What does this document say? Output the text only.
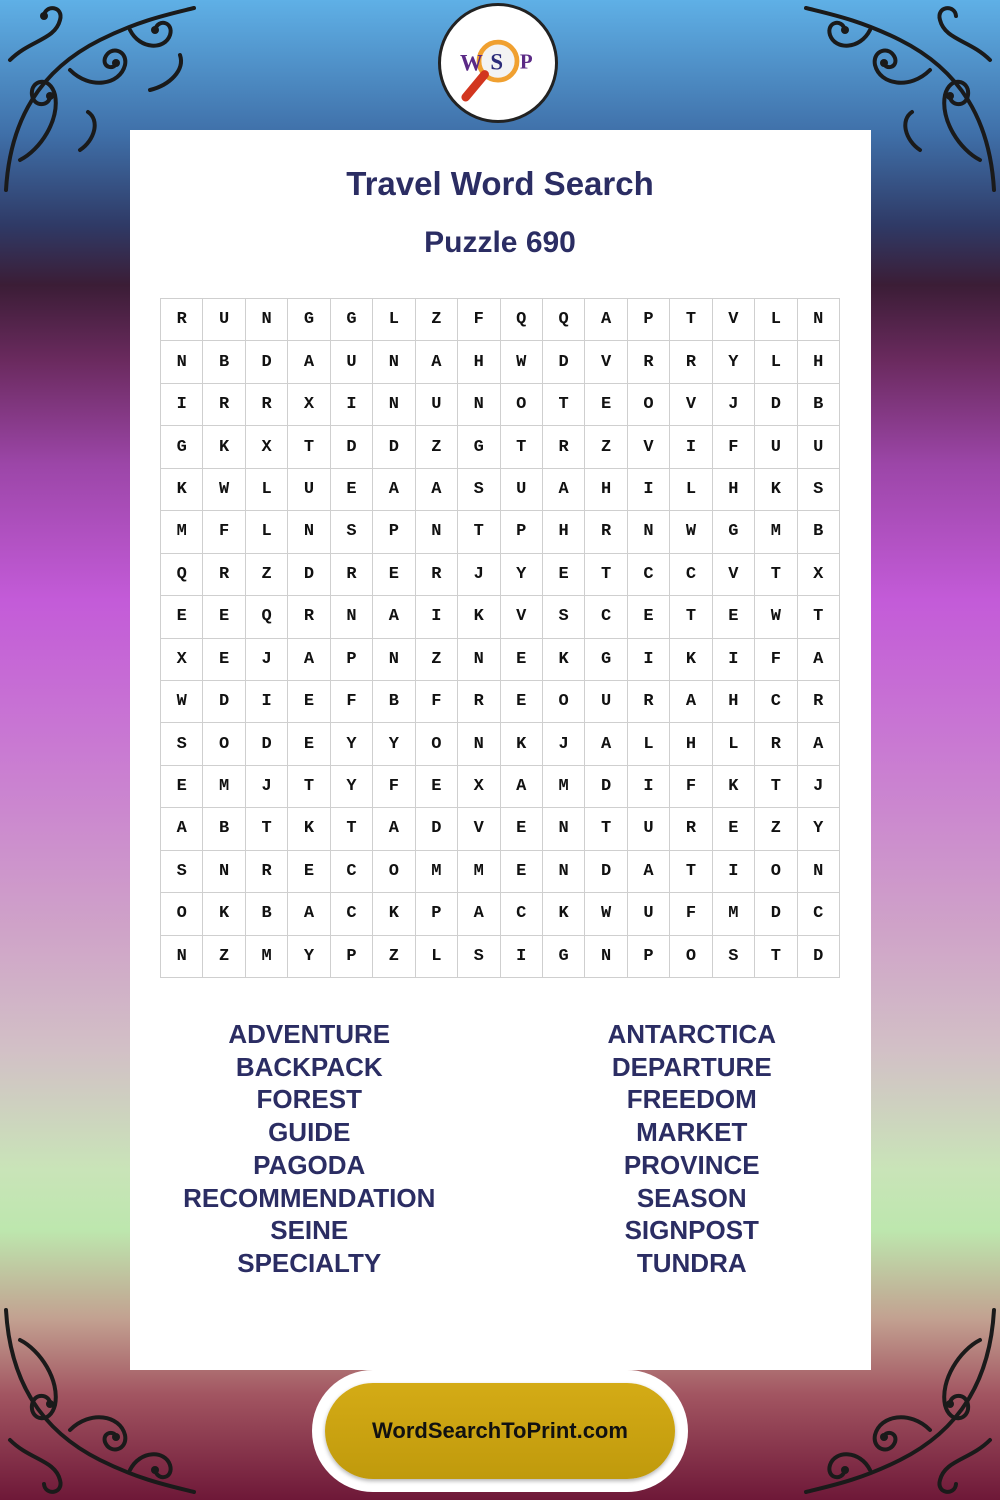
W S P
Travel Word Search
Puzzle 690
R	U	N	G	G	L	Z	F	Q	Q	A	P	T	V	L	N
N	B	D	A	U	N	A	H	W	D	V	R	R	Y	L	H
I	R	R	X	I	N	U	N	O	T	E	O	V	J	D	B
G	K	X	T	D	D	Z	G	T	R	Z	V	I	F	U	U
K	W	L	U	E	A	A	S	U	A	H	I	L	H	K	S
M	F	L	N	S	P	N	T	P	H	R	N	W	G	M	B
Q	R	Z	D	R	E	R	J	Y	E	T	C	C	V	T	X
E	E	Q	R	N	A	I	K	V	S	C	E	T	E	W	T
X	E	J	A	P	N	Z	N	E	K	G	I	K	I	F	A
W	D	I	E	F	B	F	R	E	O	U	R	A	H	C	R
S	O	D	E	Y	Y	O	N	K	J	A	L	H	L	R	A
E	M	J	T	Y	F	E	X	A	M	D	I	F	K	T	J
A	B	T	K	T	A	D	V	E	N	T	U	R	E	Z	Y
S	N	R	E	C	O	M	M	E	N	D	A	T	I	O	N
O	K	B	A	C	K	P	A	C	K	W	U	F	M	D	C
N	Z	M	Y	P	Z	L	S	I	G	N	P	O	S	T	D
ADVENTURE
BACKPACK
FOREST
GUIDE
PAGODA
RECOMMENDATION
SEINE
SPECIALTY
ANTARCTICA
DEPARTURE
FREEDOM
MARKET
PROVINCE
SEASON
SIGNPOST
TUNDRA
WordSearchToPrint.com
